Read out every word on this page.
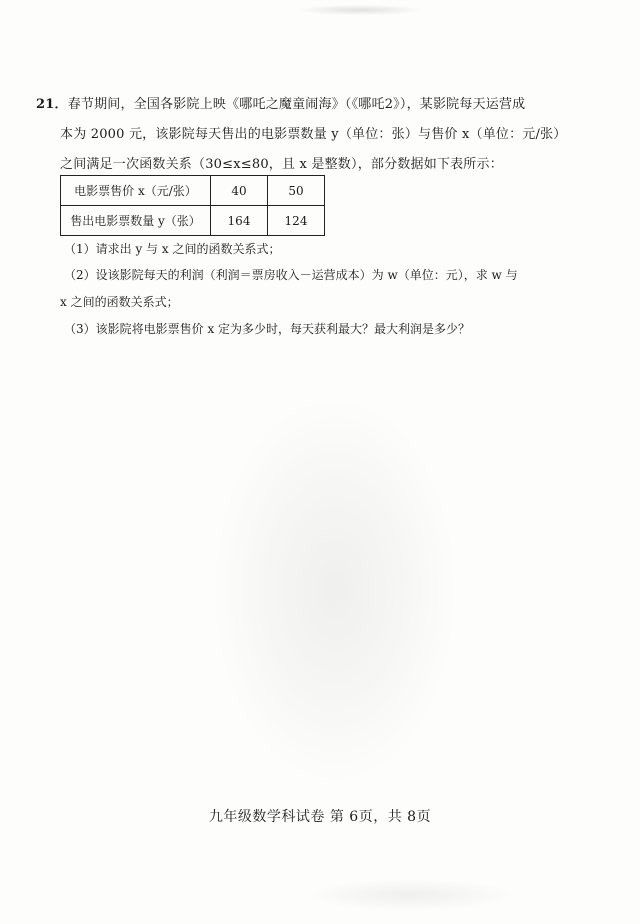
21．春节期间，全国各影院上映《哪吒之魔童闹海》（《哪吒2》），某影院每天运营成
本为 2000 元，该影院每天售出的电影票数量 y（单位：张）与售价 x（单位：元/张）
之间满足一次函数关系（30≤x≤80，且 x 是整数），部分数据如下表所示：
电影票售价 x（元/张）	40	50
售出电影票数量 y（张）	164	124
（1）请求出 y 与 x 之间的函数关系式；
（2）设该影院每天的利润（利润＝票房收入－运营成本）为 w（单位：元），求 w 与
x 之间的函数关系式；
（3）该影院将电影票售价 x 定为多少时，每天获利最大？最大利润是多少？
九年级数学科试卷 第 6页，共 8页
